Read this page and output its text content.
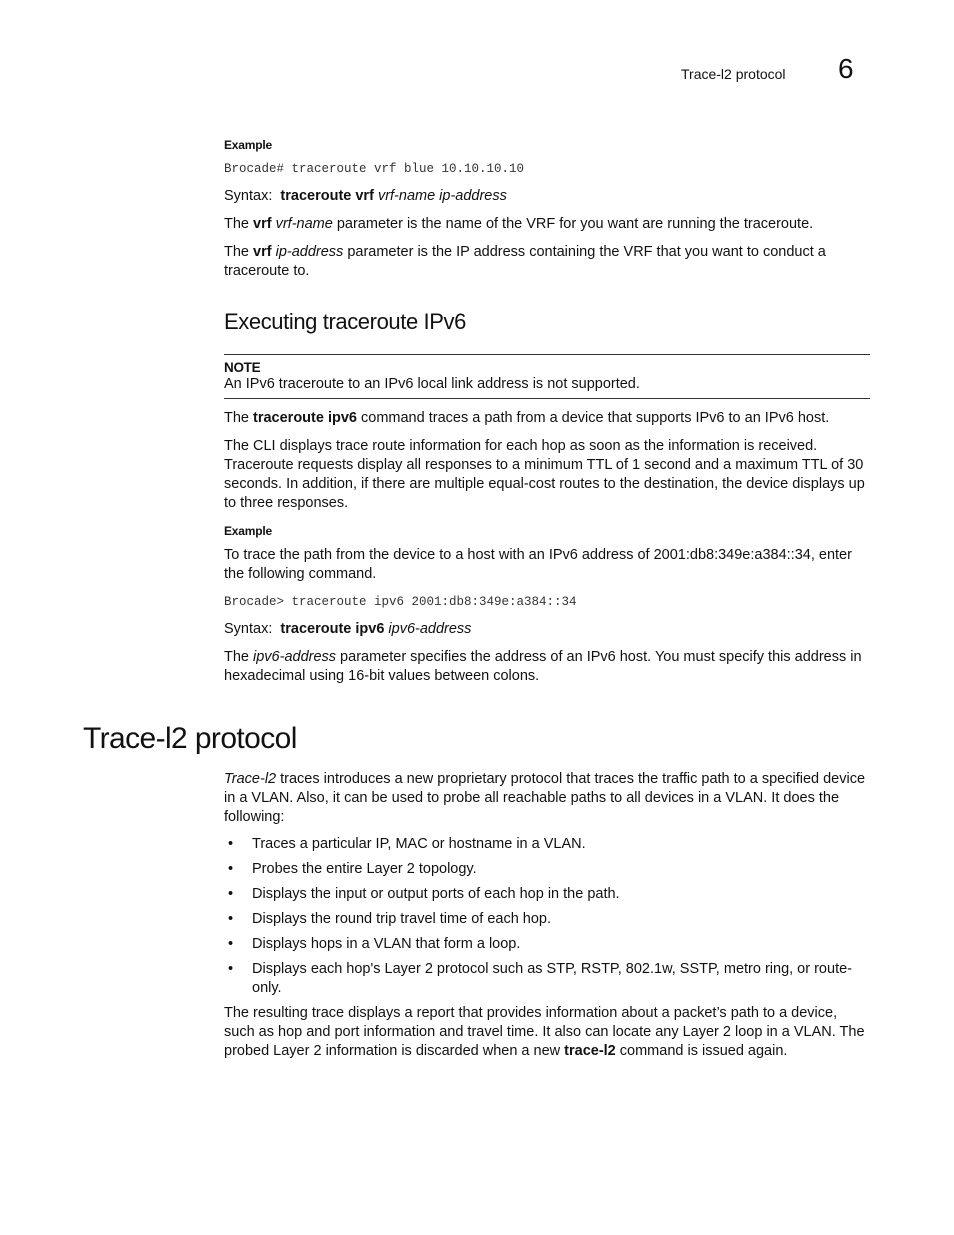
Trace-l2 protocol 6
Example
Brocade# traceroute vrf blue 10.10.10.10

Syntax: traceroute vrf vrf-name ip-address

The vrf vrf-name parameter is the name of the VRF for you want are running the traceroute.

The vrf ip-address parameter is the IP address containing the VRF that you want to conduct a traceroute to.

Executing traceroute IPv6
NOTE

An IPv6 traceroute to an IPv6 local link address is not supported.

The traceroute ipv6 command traces a path from a device that supports IPv6 to an IPv6 host.

The CLI displays trace route information for each hop as soon as the information is received. Traceroute requests display all responses to a minimum TTL of 1 second and a maximum TTL of 30 seconds. In addition, if there are multiple equal-cost routes to the destination, the device displays up to three responses.

Example

To trace the path from the device to a host with an IPv6 address of 2001:db8:349e:a384::34, enter the following command.

Brocade> traceroute ipv6 2001:db8:349e:a384::34

Syntax: traceroute ipv6 ipv6-address

The ipv6-address parameter specifies the address of an IPv6 host. You must specify this address in hexadecimal using 16-bit values between colons.

Trace-l2 traces introduces a new proprietary protocol that traces the traffic path to a specified device in a VLAN. Also, it can be used to probe all reachable paths to all devices in a VLAN. It does the following:

• Traces a particular IP, MAC or hostname in a VLAN.
• Probes the entire Layer 2 topology.
• Displays the input or output ports of each hop in the path.
• Displays the round trip travel time of each hop.
• Displays hops in a VLAN that form a loop.
• Displays each hop's Layer 2 protocol such as STP, RSTP, 802.1w, SSTP, metro ring, or route-only.

The resulting trace displays a report that provides information about a packet’s path to a device, such as hop and port information and travel time. It also can locate any Layer 2 loop in a VLAN. The probed Layer 2 information is discarded when a new trace-l2 command is issued again.

Trace-l2 protocol
